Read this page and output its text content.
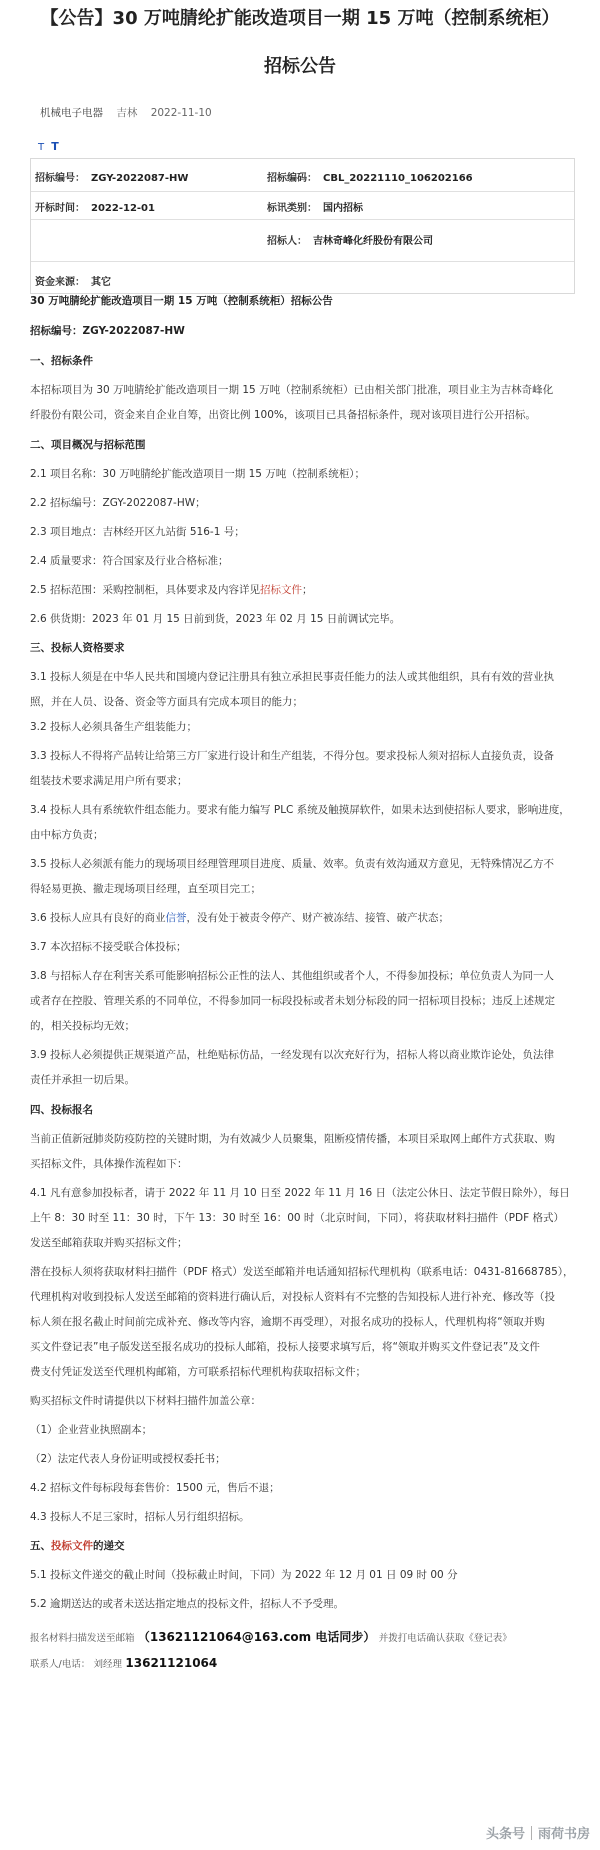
【公告】30 万吨腈纶扩能改造项目一期 15 万吨（控制系统柜）
招标公告
机械电子电器 吉林 2022-11-10
T T
招标编号： ZGY-2022087-HW	招标编码： CBL_20221110_106202166
开标时间： 2022-12-01	标讯类别： 国内招标
招标人： 吉林奇峰化纤股份有限公司
资金来源： 其它
30 万吨腈纶扩能改造项目一期 15 万吨（控制系统柜）招标公告
招标编号：ZGY-2022087-HW
一、招标条件
本招标项目为 30 万吨腈纶扩能改造项目一期 15 万吨（控制系统柜）已由相关部门批准，项目业主为吉林奇峰化
纤股份有限公司，资金来自企业自筹，出资比例 100%，该项目已具备招标条件，现对该项目进行公开招标。
二、项目概况与招标范围
2.1 项目名称：30 万吨腈纶扩能改造项目一期 15 万吨（控制系统柜）；
2.2 招标编号：ZGY-2022087-HW；
2.3 项目地点：吉林经开区九站街 516-1 号；
2.4 质量要求：符合国家及行业合格标准；
2.5 招标范围：采购控制柜，具体要求及内容详见招标文件；
2.6 供货期：2023 年 01 月 15 日前到货，2023 年 02 月 15 日前调试完毕。
三、投标人资格要求
3.1 投标人须是在中华人民共和国境内登记注册具有独立承担民事责任能力的法人或其他组织，具有有效的营业执
照，并在人员、设备、资金等方面具有完成本项目的能力；
3.2 投标人必须具备生产组装能力；
3.3 投标人不得将产品转让给第三方厂家进行设计和生产组装，不得分包。要求投标人须对招标人直接负责，设备
组装技术要求满足用户所有要求；
3.4 投标人具有系统软件组态能力。要求有能力编写 PLC 系统及触摸屏软件，如果未达到使招标人要求，影响进度，
由中标方负责；
3.5 投标人必须派有能力的现场项目经理管理项目进度、质量、效率。负责有效沟通双方意见，无特殊情况乙方不
得轻易更换、撤走现场项目经理，直至项目完工；
3.6 投标人应具有良好的商业信誉，没有处于被责令停产、财产被冻结、接管、破产状态；
3.7 本次招标不接受联合体投标；
3.8 与招标人存在利害关系可能影响招标公正性的法人、其他组织或者个人，不得参加投标；单位负责人为同一人
或者存在控股、管理关系的不同单位，不得参加同一标段投标或者未划分标段的同一招标项目投标；违反上述规定
的，相关投标均无效；
3.9 投标人必须提供正规渠道产品，杜绝贴标仿品，一经发现有以次充好行为，招标人将以商业欺诈论处，负法律
责任并承担一切后果。
四、投标报名
当前正值新冠肺炎防疫防控的关键时期，为有效减少人员聚集，阻断疫情传播，本项目采取网上邮件方式获取、购
买招标文件，具体操作流程如下：
4.1 凡有意参加投标者，请于 2022 年 11 月 10 日至 2022 年 11 月 16 日（法定公休日、法定节假日除外），每日
上午 8：30 时至 11：30 时，下午 13：30 时至 16：00 时（北京时间，下同），将获取材料扫描件（PDF 格式）
发送至邮箱获取并购买招标文件；
潜在投标人须将获取材料扫描件（PDF 格式）发送至邮箱并电话通知招标代理机构（联系电话：0431-81668785），
代理机构对收到投标人发送至邮箱的资料进行确认后，对投标人资料有不完整的告知投标人进行补充、修改等（投
标人须在报名截止时间前完成补充、修改等内容，逾期不再受理），对报名成功的投标人，代理机构将“领取并购
买文件登记表”电子版发送至报名成功的投标人邮箱，投标人接要求填写后，将“领取并购买文件登记表”及文件
费支付凭证发送至代理机构邮箱，方可联系招标代理机构获取招标文件；
购买招标文件时请提供以下材料扫描件加盖公章：
（1）企业营业执照副本；
（2）法定代表人身份证明或授权委托书；
4.2 招标文件每标段每套售价：1500 元，售后不退；
4.3 投标人不足三家时，招标人另行组织招标。
五、投标文件的递交
5.1 投标文件递交的截止时间（投标截止时间，下同）为 2022 年 12 月 01 日 09 时 00 分
5.2 逾期送达的或者未送达指定地点的投标文件，招标人不予受理。
报名材料扫描发送至邮箱 （13621121064@163.com 电话同步） 并拨打电话确认获取《登记表》
联系人/电话： 刘经理 13621121064
头条号 雨荷书房
